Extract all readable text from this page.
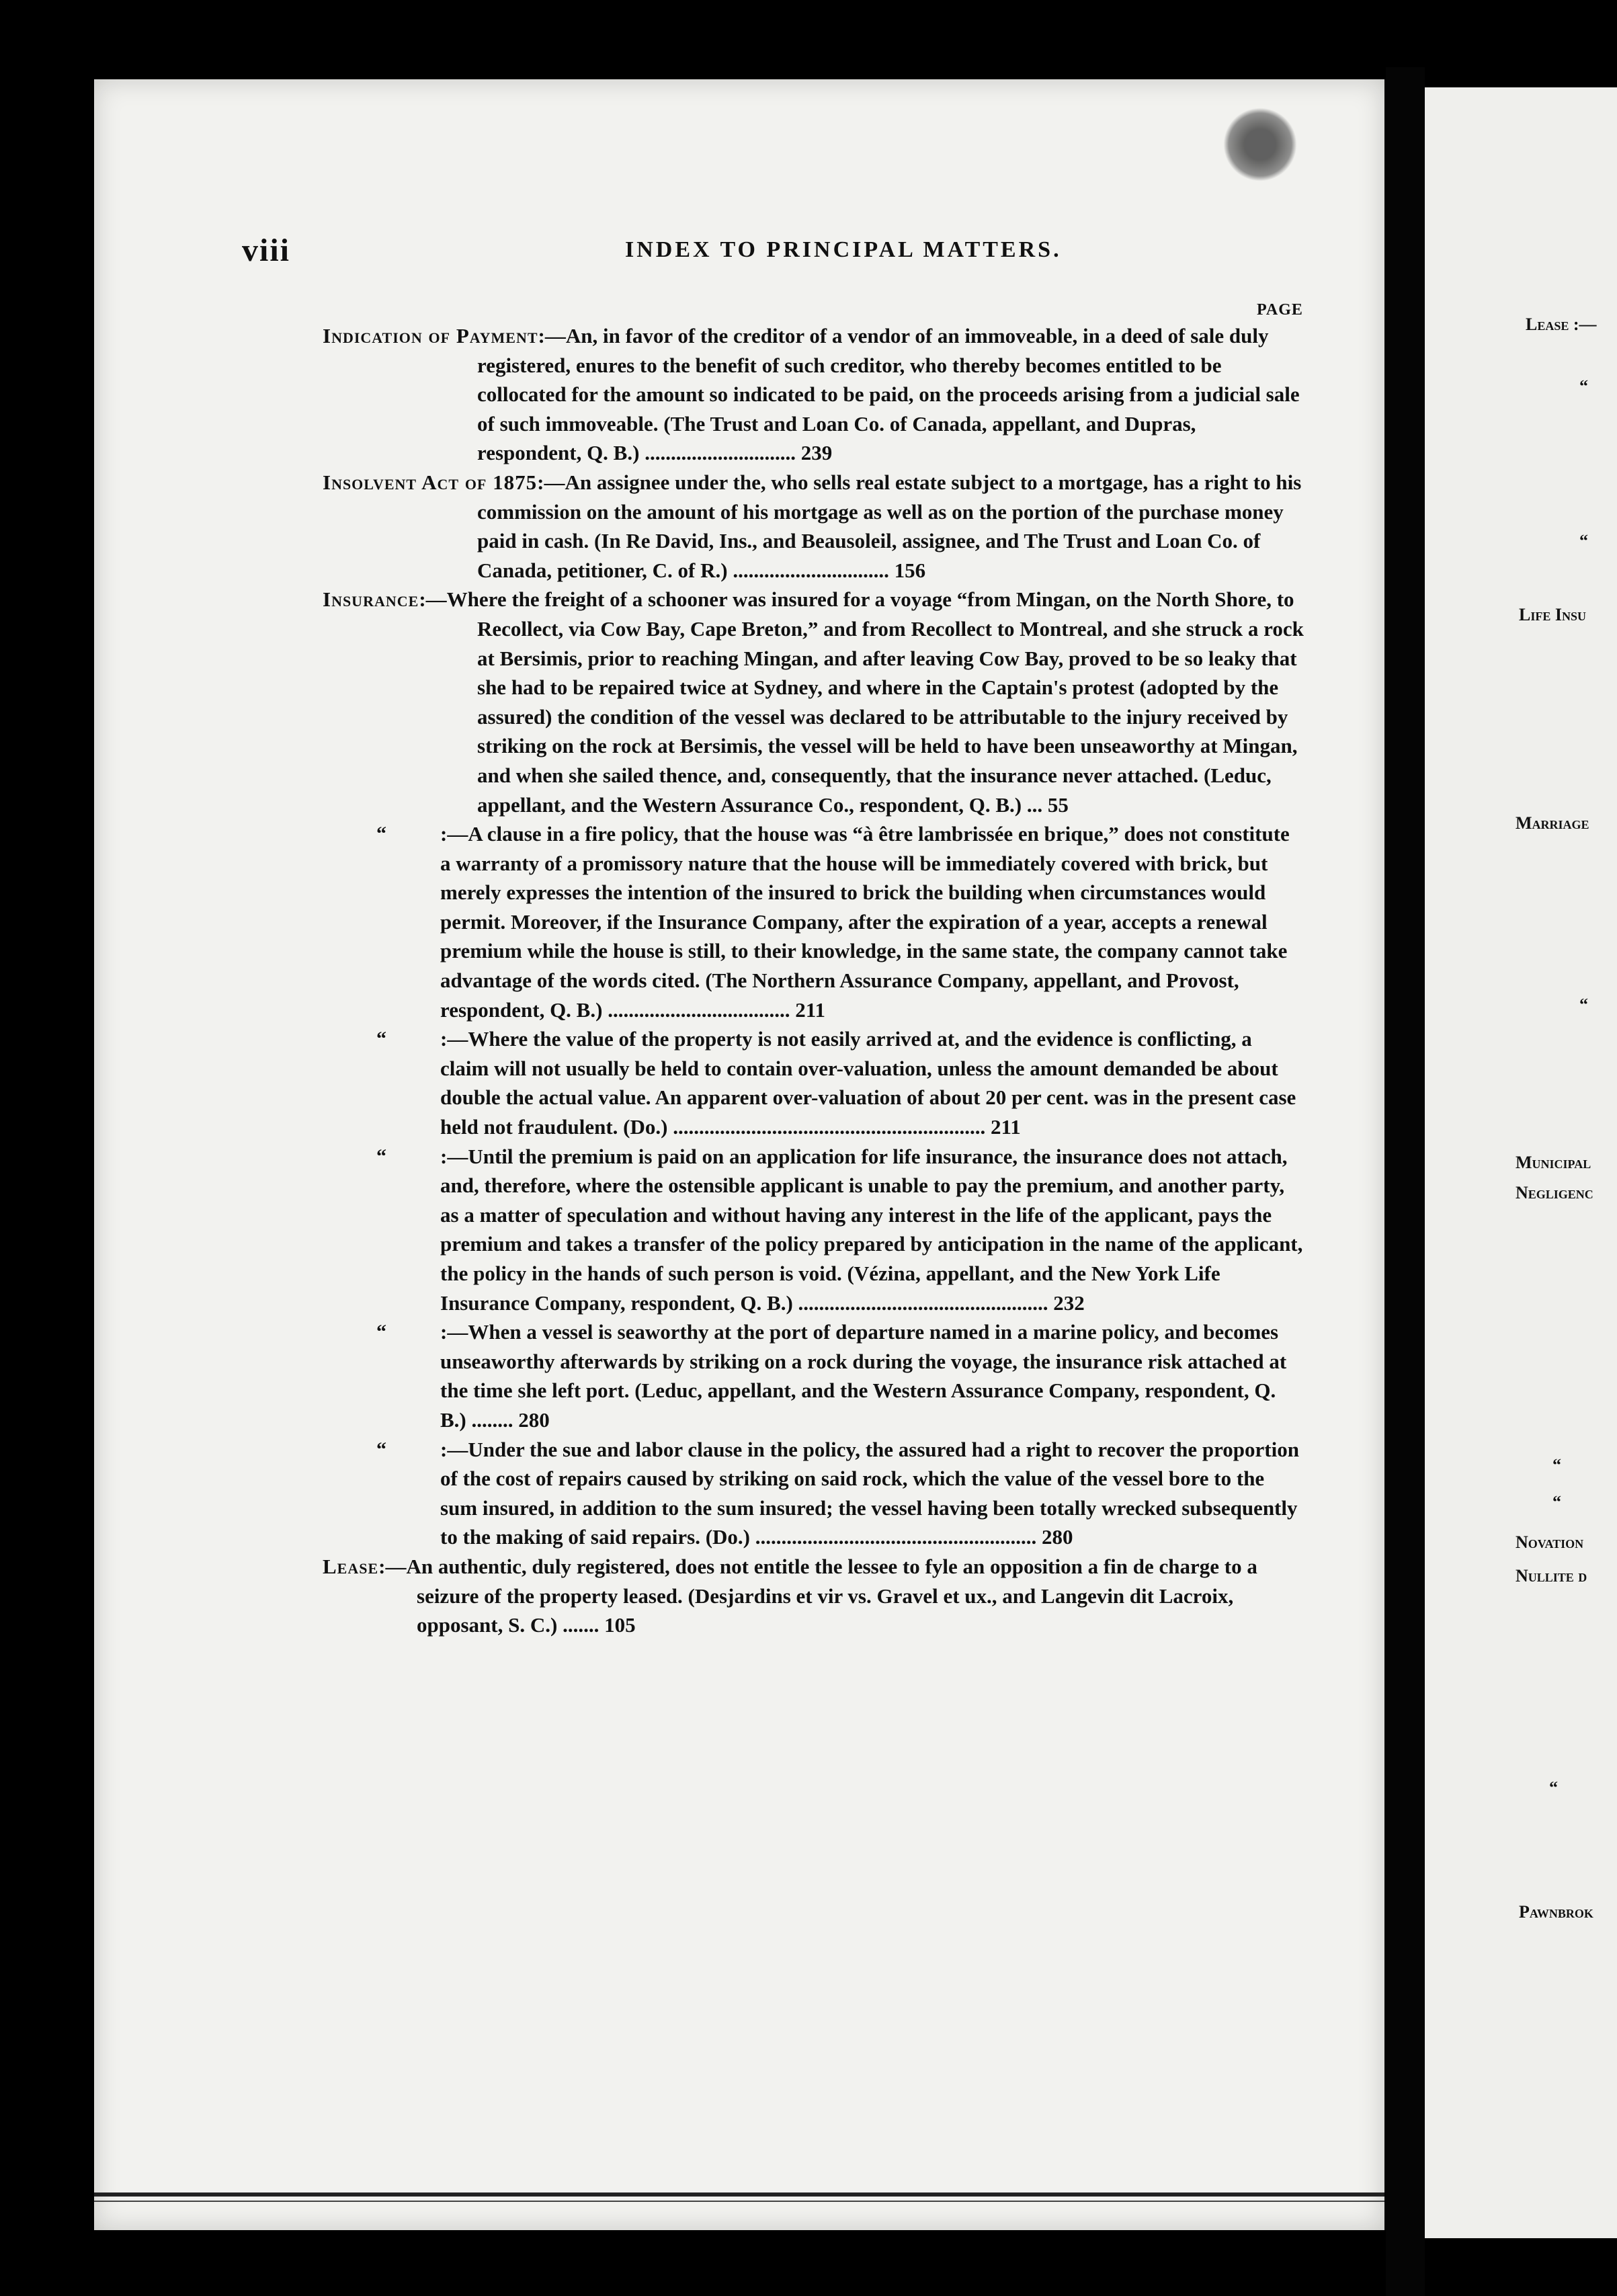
viii	INDEX TO PRINCIPAL MATTERS.
PAGE
Indication of Payment:—An, in favor of the creditor of a vendor of an immoveable, in a deed of sale duly registered, enures to the benefit of such creditor, who thereby becomes entitled to be collocated for the amount so indicated to be paid, on the proceeds arising from a judicial sale of such immoveable. (The Trust and Loan Co. of Canada, appellant, and Dupras, respondent, Q. B.) ............................. 239
Insolvent Act of 1875:—An assignee under the, who sells real estate subject to a mortgage, has a right to his commission on the amount of his mortgage as well as on the portion of the purchase money paid in cash. (In Re David, Ins., and Beausoleil, assignee, and The Trust and Loan Co. of Canada, petitioner, C. of R.) .............................. 156
Insurance:—Where the freight of a schooner was insured for a voyage “from Mingan, on the North Shore, to Recollect, via Cow Bay, Cape Breton,” and from Recollect to Montreal, and she struck a rock at Bersimis, prior to reaching Mingan, and after leaving Cow Bay, proved to be so leaky that she had to be repaired twice at Sydney, and where in the Captain's protest (adopted by the assured) the condition of the vessel was declared to be attributable to the injury received by striking on the rock at Bersimis, the vessel will be held to have been unseaworthy at Mingan, and when she sailed thence, and, consequently, that the insurance never attached. (Leduc, appellant, and the Western Assurance Co., respondent, Q. B.) ... 55
“	:—A clause in a fire policy, that the house was “à être lambrissée en brique,” does not constitute a warranty of a promissory nature that the house will be immediately covered with brick, but merely expresses the intention of the insured to brick the building when circumstances would permit. Moreover, if the Insurance Company, after the expiration of a year, accepts a renewal premium while the house is still, to their knowledge, in the same state, the company cannot take advantage of the words cited. (The Northern Assurance Company, appellant, and Provost, respondent, Q. B.) ................................... 211
“	:—Where the value of the property is not easily arrived at, and the evidence is conflicting, a claim will not usually be held to contain over-valuation, unless the amount demanded be about double the actual value. An apparent over-valuation of about 20 per cent. was in the present case held not fraudulent. (Do.) ............................................................ 211
“	:—Until the premium is paid on an application for life insurance, the insurance does not attach, and, therefore, where the ostensible applicant is unable to pay the premium, and another party, as a matter of speculation and without having any interest in the life of the applicant, pays the premium and takes a transfer of the policy prepared by anticipation in the name of the applicant, the policy in the hands of such person is void. (Vézina, appellant, and the New York Life Insurance Company, respondent, Q. B.) ................................................ 232
“	:—When a vessel is seaworthy at the port of departure named in a marine policy, and becomes unseaworthy afterwards by striking on a rock during the voyage, the insurance risk attached at the time she left port. (Leduc, appellant, and the Western Assurance Company, respondent, Q. B.) ........ 280
“	:—Under the sue and labor clause in the policy, the assured had a right to recover the proportion of the cost of repairs caused by striking on said rock, which the value of the vessel bore to the sum insured, in addition to the sum insured; the vessel having been totally wrecked subsequently to the making of said repairs. (Do.) ...................................................... 280
Lease:—An authentic, duly registered, does not entitle the lessee to fyle an opposition a fin de charge to a seizure of the property leased. (Desjardins et vir vs. Gravel et ux., and Langevin dit Lacroix, opposant, S. C.) ....... 105
Lease :—
“
“
Life Insu
Marriage
“
Municipal
Negligenc
“
“
Novation
Nullite d
“
Pawnbrok
